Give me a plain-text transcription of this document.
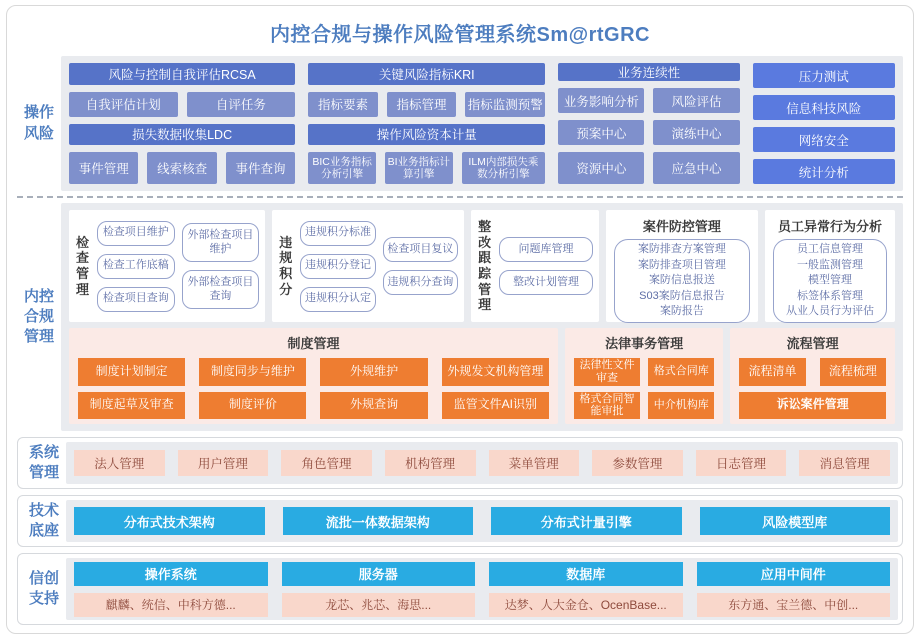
内控合规与操作风险管理系统Sm@rtGRC
操作风险
风险与控制自我评估RCSA
自我评估计划	自评任务
损失数据收集LDC
事件管理	线索核查	事件查询
关键风险指标KRI
指标要素	指标管理	指标监测预警
操作风险资本计量
BIC业务指标分析引擎
BI业务指标计算引擎
ILM内部损失乘数分析引擎
业务连续性
业务影响分析	风险评估
预案中心	演练中心
资源中心	应急中心
压力测试
信息科技风险
网络安全
统计分析
内控合规管理
检查管理
检查项目维护
检查工作底稿
检查项目查询
外部检查项目维护
外部检查项目查询
违规积分
违规积分标准
违规积分登记
违规积分认定
检查项目复议
违规积分查询
整改跟踪管理
问题库管理
整改计划管理
案件防控管理
案防排查方案管理
案防排查项目管理
案防信息报送
S03案防信息报告
案防报告
员工异常行为分析
员工信息管理
一般监测管理
模型管理
标签体系管理
从业人员行为评估
制度管理
制度计划制定	制度同步与维护	外规维护	外规发文机构管理
制度起草及审查	制度评价	外规查询	监管文件AI识别
法律事务管理
法律性文件审查
格式合同库
格式合同智能审批
中介机构库
流程管理
流程清单	流程梳理
诉讼案件管理
系统管理	法人管理	用户管理	角色管理	机构管理	菜单管理	参数管理	日志管理	消息管理
技术底座	分布式技术架构	流批一体数据架构	分布式计量引擎	风险模型库
信创支持
操作系统
麒麟、统信、中科方德...
服务器
龙芯、兆芯、海思...
数据库
达梦、人大金仓、OcenBase...
应用中间件
东方通、宝兰德、中创...
